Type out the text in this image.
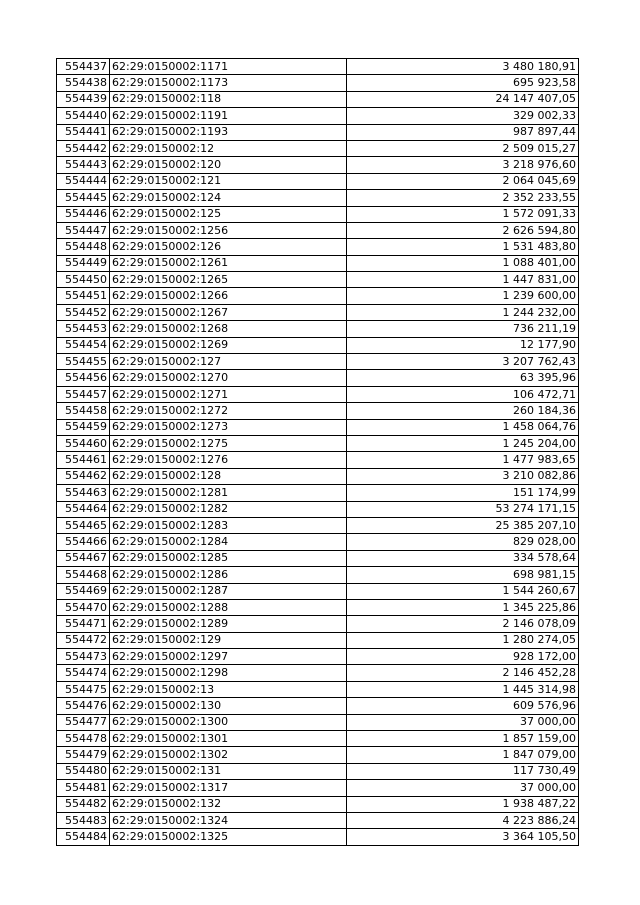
554437	62:29:0150002:1171	3 480 180,91
554438	62:29:0150002:1173	695 923,58
554439	62:29:0150002:118	24 147 407,05
554440	62:29:0150002:1191	329 002,33
554441	62:29:0150002:1193	987 897,44
554442	62:29:0150002:12	2 509 015,27
554443	62:29:0150002:120	3 218 976,60
554444	62:29:0150002:121	2 064 045,69
554445	62:29:0150002:124	2 352 233,55
554446	62:29:0150002:125	1 572 091,33
554447	62:29:0150002:1256	2 626 594,80
554448	62:29:0150002:126	1 531 483,80
554449	62:29:0150002:1261	1 088 401,00
554450	62:29:0150002:1265	1 447 831,00
554451	62:29:0150002:1266	1 239 600,00
554452	62:29:0150002:1267	1 244 232,00
554453	62:29:0150002:1268	736 211,19
554454	62:29:0150002:1269	12 177,90
554455	62:29:0150002:127	3 207 762,43
554456	62:29:0150002:1270	63 395,96
554457	62:29:0150002:1271	106 472,71
554458	62:29:0150002:1272	260 184,36
554459	62:29:0150002:1273	1 458 064,76
554460	62:29:0150002:1275	1 245 204,00
554461	62:29:0150002:1276	1 477 983,65
554462	62:29:0150002:128	3 210 082,86
554463	62:29:0150002:1281	151 174,99
554464	62:29:0150002:1282	53 274 171,15
554465	62:29:0150002:1283	25 385 207,10
554466	62:29:0150002:1284	829 028,00
554467	62:29:0150002:1285	334 578,64
554468	62:29:0150002:1286	698 981,15
554469	62:29:0150002:1287	1 544 260,67
554470	62:29:0150002:1288	1 345 225,86
554471	62:29:0150002:1289	2 146 078,09
554472	62:29:0150002:129	1 280 274,05
554473	62:29:0150002:1297	928 172,00
554474	62:29:0150002:1298	2 146 452,28
554475	62:29:0150002:13	1 445 314,98
554476	62:29:0150002:130	609 576,96
554477	62:29:0150002:1300	37 000,00
554478	62:29:0150002:1301	1 857 159,00
554479	62:29:0150002:1302	1 847 079,00
554480	62:29:0150002:131	117 730,49
554481	62:29:0150002:1317	37 000,00
554482	62:29:0150002:132	1 938 487,22
554483	62:29:0150002:1324	4 223 886,24
554484	62:29:0150002:1325	3 364 105,50
